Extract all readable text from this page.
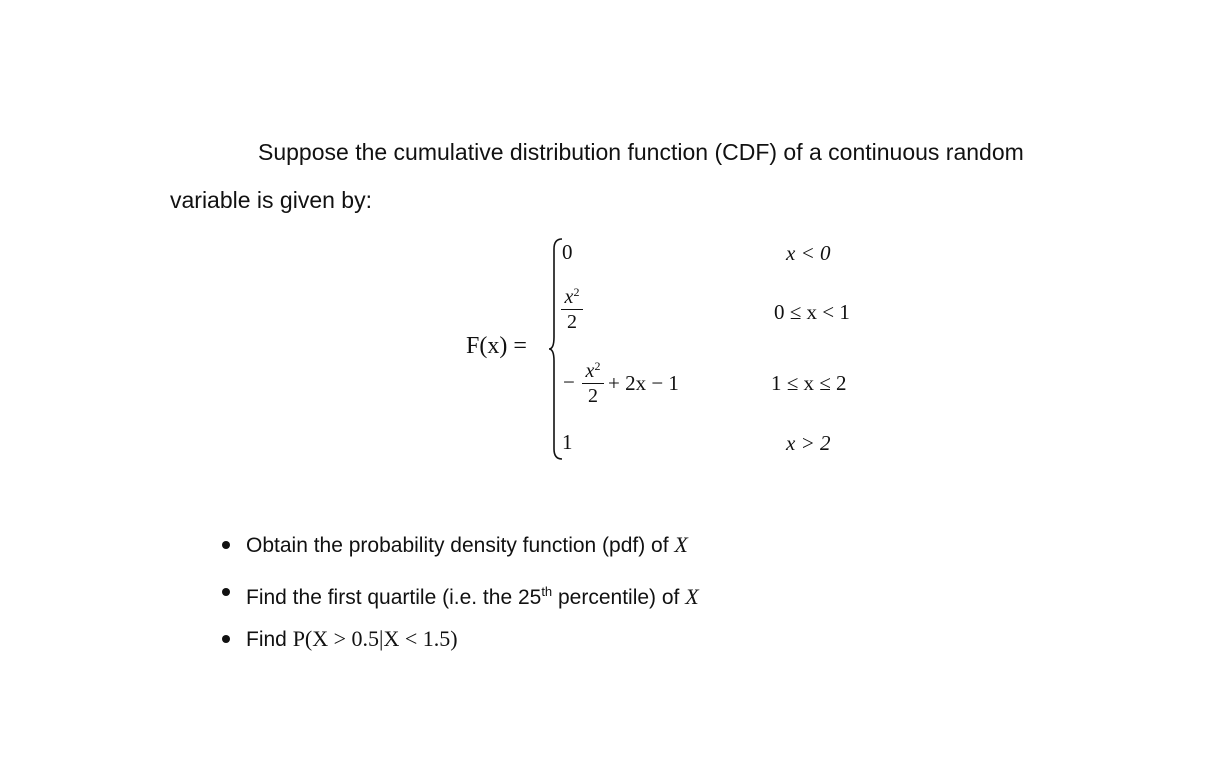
Suppose the cumulative distribution function (CDF) of a continuous random
variable is given by:
F(x) =
0	x < 0
$x^2$
2	0 ≤ x < 1
− $x^2$
2
+ 2x − 1	1 ≤ x ≤ 2
1	x > 2
Obtain the probability density function (pdf) of X
Find the first quartile (i.e. the 25th percentile) of X
Find P(X > 0.5|X < 1.5)
